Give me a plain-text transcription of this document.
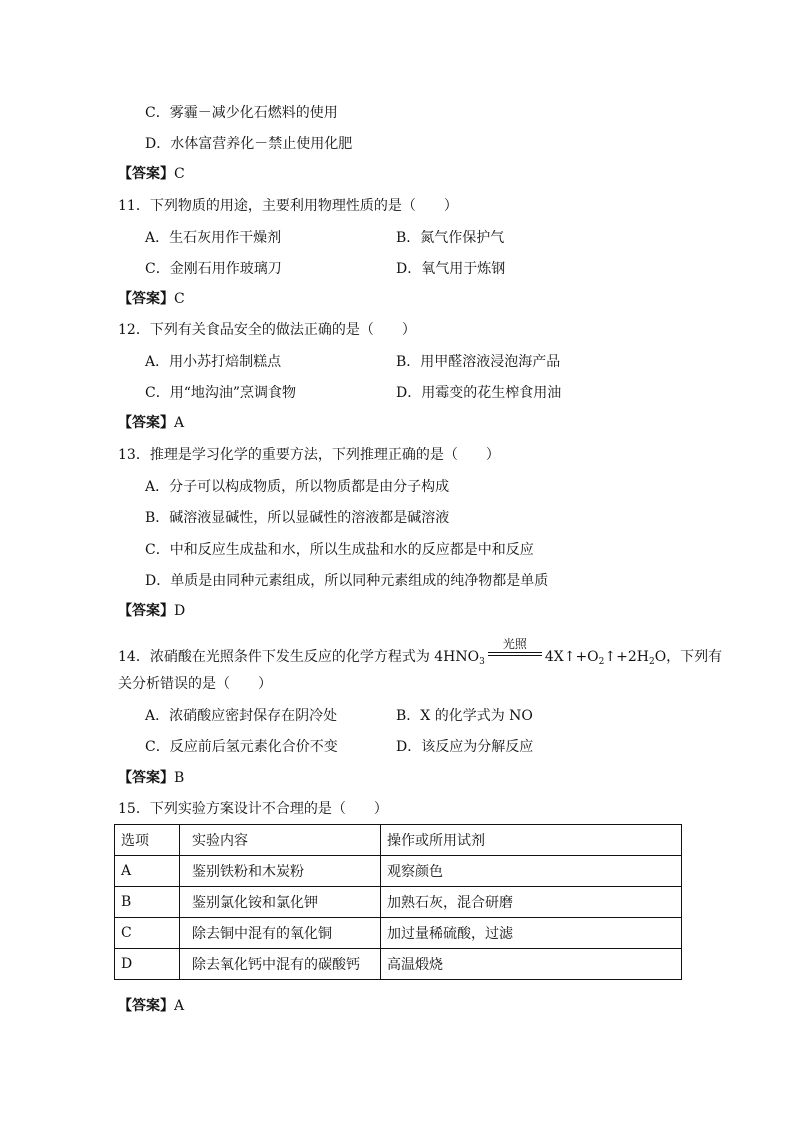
C．雾霾－减少化石燃料的使用
D．水体富营养化－禁止使用化肥
【答案】C
11．下列物质的用途，主要利用物理性质的是（　　）
A．生石灰用作干燥剂	B．氮气作保护气
C．金刚石用作玻璃刀	D．氧气用于炼钢
【答案】C
12．下列有关食品安全的做法正确的是（　　）
A．用小苏打焙制糕点	B．用甲醛溶液浸泡海产品
C．用“地沟油”烹调食物	D．用霉变的花生榨食用油
【答案】A
13．推理是学习化学的重要方法，下列推理正确的是（　　）
A．分子可以构成物质，所以物质都是由分子构成
B．碱溶液显碱性，所以显碱性的溶液都是碱溶液
C．中和反应生成盐和水，所以生成盐和水的反应都是中和反应
D．单质是由同种元素组成，所以同种元素组成的纯净物都是单质
【答案】D
14．浓硝酸在光照条件下发生反应的化学方程式为 $4HNO_3$
光照
$4X↑+O_2↑+2H_2O$，下列有
关分析错误的是（　　）
A．浓硝酸应密封保存在阴冷处	B．X 的化学式为 NO
C．反应前后氢元素化合价不变	D．该反应为分解反应
【答案】B
15．下列实验方案设计不合理的是（　　）
选项	实验内容	操作或所用试剂
A	鉴别铁粉和木炭粉	观察颜色
B	鉴别氯化铵和氯化钾	加熟石灰，混合研磨
C	除去铜中混有的氧化铜	加过量稀硫酸，过滤
D	除去氧化钙中混有的碳酸钙	高温煅烧
【答案】A
